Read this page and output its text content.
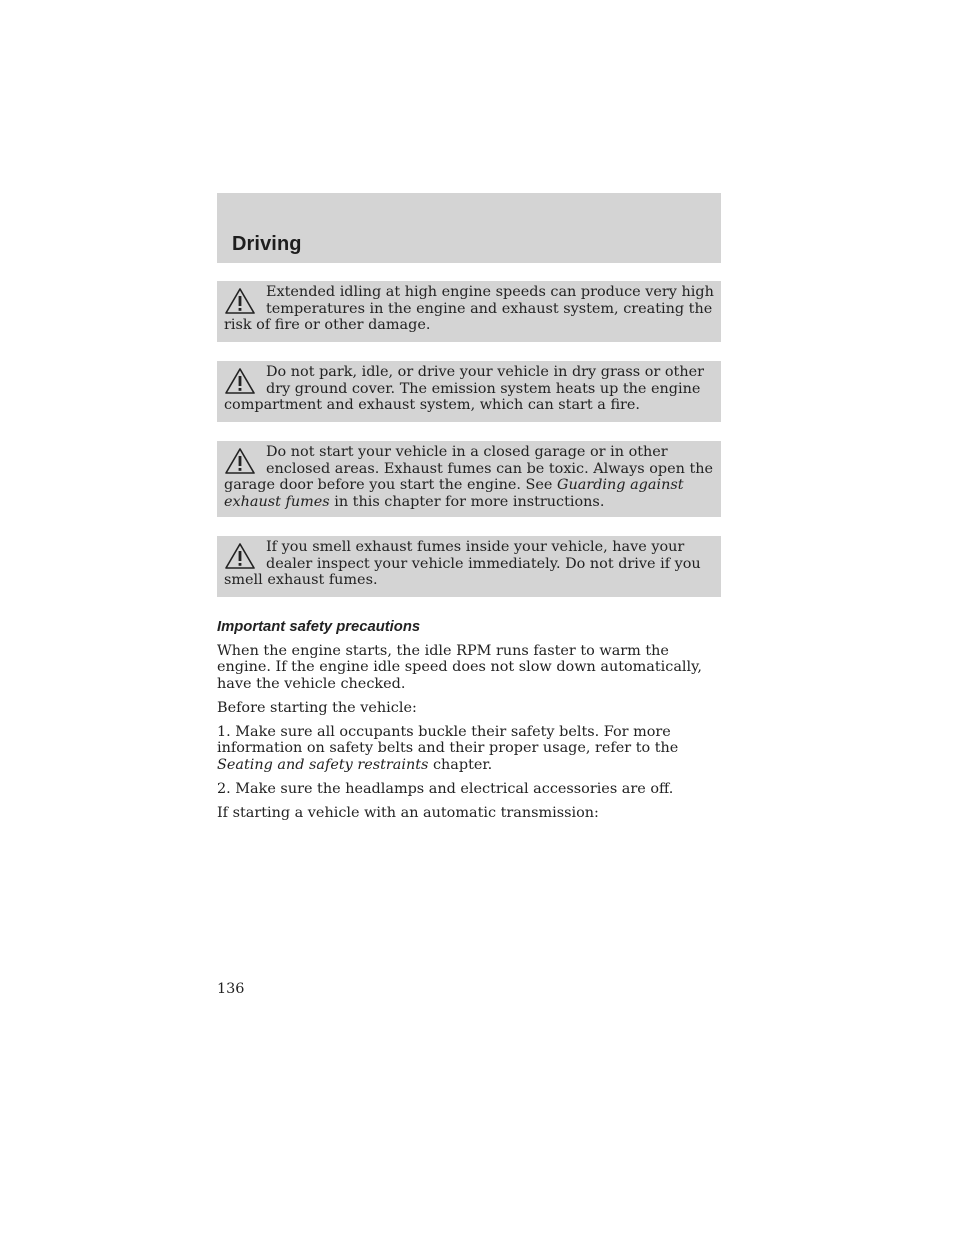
Driving
Extended idling at high engine speeds can produce very high temperatures in the engine and exhaust system, creating the risk of fire or other damage.
Do not park, idle, or drive your vehicle in dry grass or other dry ground cover. The emission system heats up the engine compartment and exhaust system, which can start a fire.
Do not start your vehicle in a closed garage or in other enclosed areas. Exhaust fumes can be toxic. Always open the garage door before you start the engine. See Guarding against exhaust fumes in this chapter for more instructions.
If you smell exhaust fumes inside your vehicle, have your dealer inspect your vehicle immediately. Do not drive if you smell exhaust fumes.
Important safety precautions

When the engine starts, the idle RPM runs faster to warm the engine. If the engine idle speed does not slow down automatically, have the vehicle checked.

Before starting the vehicle:

1. Make sure all occupants buckle their safety belts. For more information on safety belts and their proper usage, refer to the Seating and safety restraints chapter.

2. Make sure the headlamps and electrical accessories are off.

If starting a vehicle with an automatic transmission:

136
